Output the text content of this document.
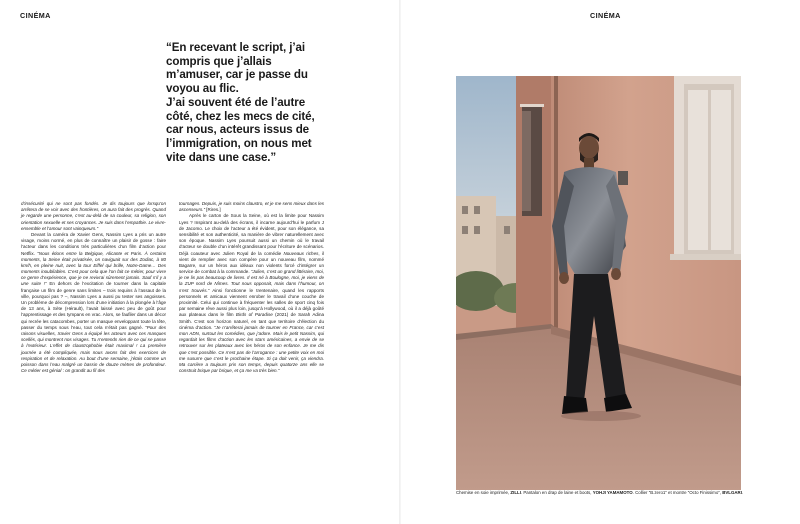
CINÉMA

“En recevant le script, j’ai compris que j’allais m’amuser, car je passe du voyou au flic.

J’ai souvent été de l’autre côté, chez les mecs de cité, car nous, acteurs issus de l’immigration, on nous met vite dans une case.”

d’insécurité qui ne sont pas fondés. Je dis toujours que lorsqu’on arrêtera de se voir avec des frontières, on aura fait des progrès. Quand je regarde une personne, c’est au-delà de sa couleur, sa religion, son orientation sexuelle et ses croyances. Je suis dans l’empathie. Le vivre-ensemble et l’amour sont vainqueurs.”

Devant la caméra de Xavier Gens, Nassim Lyes a pris un autre visage, moins normé, en plus de connaître un plaisir de gosse : faire l’acteur dans les conditions très particulières d’un film d’action pour Netflix. “Nous étions entre la Belgique, Alicante et Paris. À certains moments, la Seine était privatisée, on naviguait sur des Zodiac, à 80 km/h, en pleine nuit, avec la tour Eiffel qui brille, Notre-Dame… Des moments inoubliables. C’est pour cela que l’on fait ce métier, pour vivre ce genre d’expérience, que je ne revivrai sûrement jamais. Sauf s’il y a une suite !” En dehors de l’excitation de tourner dans la capitale française un film de genre sans limites – trois requins à l’assaut de la ville, pourquoi pas ? –, Nassim Lyes a aussi pu tester ses angoisses. Un problème de décompression lors d’une initiation à la plongée à l’âge de 13 ans, à Sète (Hérault), l’avait laissé avec peu de goût pour l’apprentissage et des tympans en vrac. Alors, se faufiler dans un décor qui recrée les catacombes, porter un masque enveloppant toute la tête, passer du temps sous l’eau, tout cela n’était pas gagné. “Pour des raisons visuelles, Xavier Gens a équipé les acteurs avec ces masques scellés, qui montrent nos visages. Tu n’entends rien de ce qui se passe à l’extérieur. L’effet de claustrophobie était maximal ! La première journée a été compliquée, mais nous avons fait des exercices de respiration et de relaxation. Au bout d’une semaine, j’étais comme un poisson dans l’eau malgré un bassin de douze mètres de profondeur. Ce métier est génial : on grandit au fil des

tournages. Depuis, je suis moins claustro, et je me sens mieux dans les ascenseurs.” [Rires.]

Après le carton de Sous la Seine, où est la limite pour Nassim Lyes ? Inspirant au-delà des écrans, il incarne aujourd’hui le parfum J de Jacomo. Le choix de l’acteur a été évident, pour son élégance, sa sensibilité et son authenticité, sa manière de vibrer naturellement avec son époque. Nassim Lyes poursuit aussi un chemin où le travail d’acteur se double d’un intérêt grandissant pour l’écriture de scénarios. Déjà coauteur avec Julien Royal de la comédie Nouveaux riches, il vient de remplier avec son compère pour un nouveau film, nommé Bagarre, sur un héros aux idéaux non violents forcé d’intégrer un service de combat à la commande. “Julien, c’est un grand littéraire, moi, je ne lis pas beaucoup de livres. Il est né à Boulogne, moi, je viens de la ZUP nord de Nîmes. Tout nous opposait, mais dans l’humour, on s’est trouvés.” Ainsi fonctionne le trentenaire, quand les rapports personnels et amicaux viennent enrober le travail d’une couche de proximité. Celui qui continue à fréquenter les salles de sport cinq fois par semaine rêve aussi plus loin, jusqu’à Hollywood, où il a déjà goûté aux plateaux dans le film Birds of Paradise (2021) de Sarah Adina Smith. C’est son horizon naturel, en tant que territoire d’élection du cinéma d’action. “Je n’arrêterai jamais de tourner en France, car c’est mon ADN, surtout les comédies, que j’adore. Mais le petit Nassim, qui regardait les films d’action avec les stars américaines, a envie de se retrouver sur les plateaux avec les héros de son enfance. Je me dis que c’est possible. Ce n’est pas de l’arrogance : une petite voix en moi me susurre que c’est le prochaine étape. Si ça doit venir, ça viendra. Ma carrière a toujours pris son temps, depuis quatorze ans elle se construit brique par brique, et ça me va très bien.”

CINÉMA
Chemise en soie imprimée, ZILLI. Pantalon en drap de laine et boots, YOHJI YAMAMOTO. Collier “B.zero1” et montre “Octo Finissimo”, BVLGARI.
